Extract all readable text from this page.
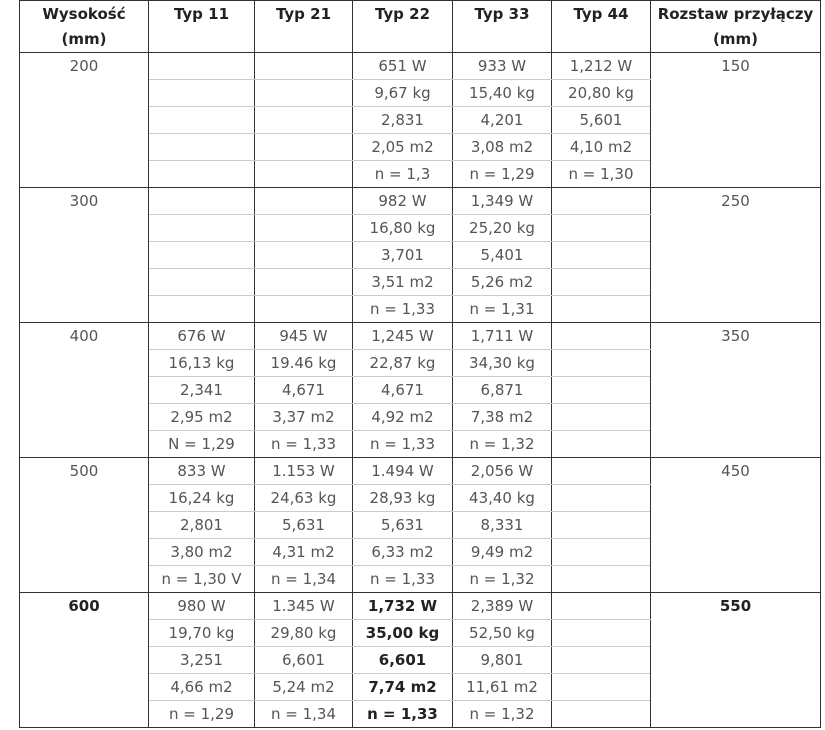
Wysokość (mm)	Typ 11	Typ 21	Typ 22	Typ 33	Typ 44	Rozstaw przyłączy (mm)
200			651 W	933 W	1,212 W	150
			9,67 kg	15,40 kg	20,80 kg	
			2,831	4,201	5,601	
			2,05 m2	3,08 m2	4,10 m2	
			n = 1,3	n = 1,29	n = 1,30	
300			982 W	1,349 W		250
			16,80 kg	25,20 kg		
			3,701	5,401		
			3,51 m2	5,26 m2		
			n = 1,33	n = 1,31		
400	676 W	945 W	1,245 W	1,711 W		350
	16,13 kg	19.46 kg	22,87 kg	34,30 kg		
	2,341	4,671	4,671	6,871		
	2,95 m2	3,37 m2	4,92 m2	7,38 m2		
	N = 1,29	n = 1,33	n = 1,33	n = 1,32		
500	833 W	1.153 W	1.494 W	2,056 W		450
	16,24 kg	24,63 kg	28,93 kg	43,40 kg		
	2,801	5,631	5,631	8,331		
	3,80 m2	4,31 m2	6,33 m2	9,49 m2		
	n = 1,30 V	n = 1,34	n = 1,33	n = 1,32		
600	980 W	1.345 W	1,732 W	2,389 W		550
	19,70 kg	29,80 kg	35,00 kg	52,50 kg		
	3,251	6,601	6,601	9,801		
	4,66 m2	5,24 m2	7,74 m2	11,61 m2		
	n = 1,29	n = 1,34	n = 1,33	n = 1,32		
